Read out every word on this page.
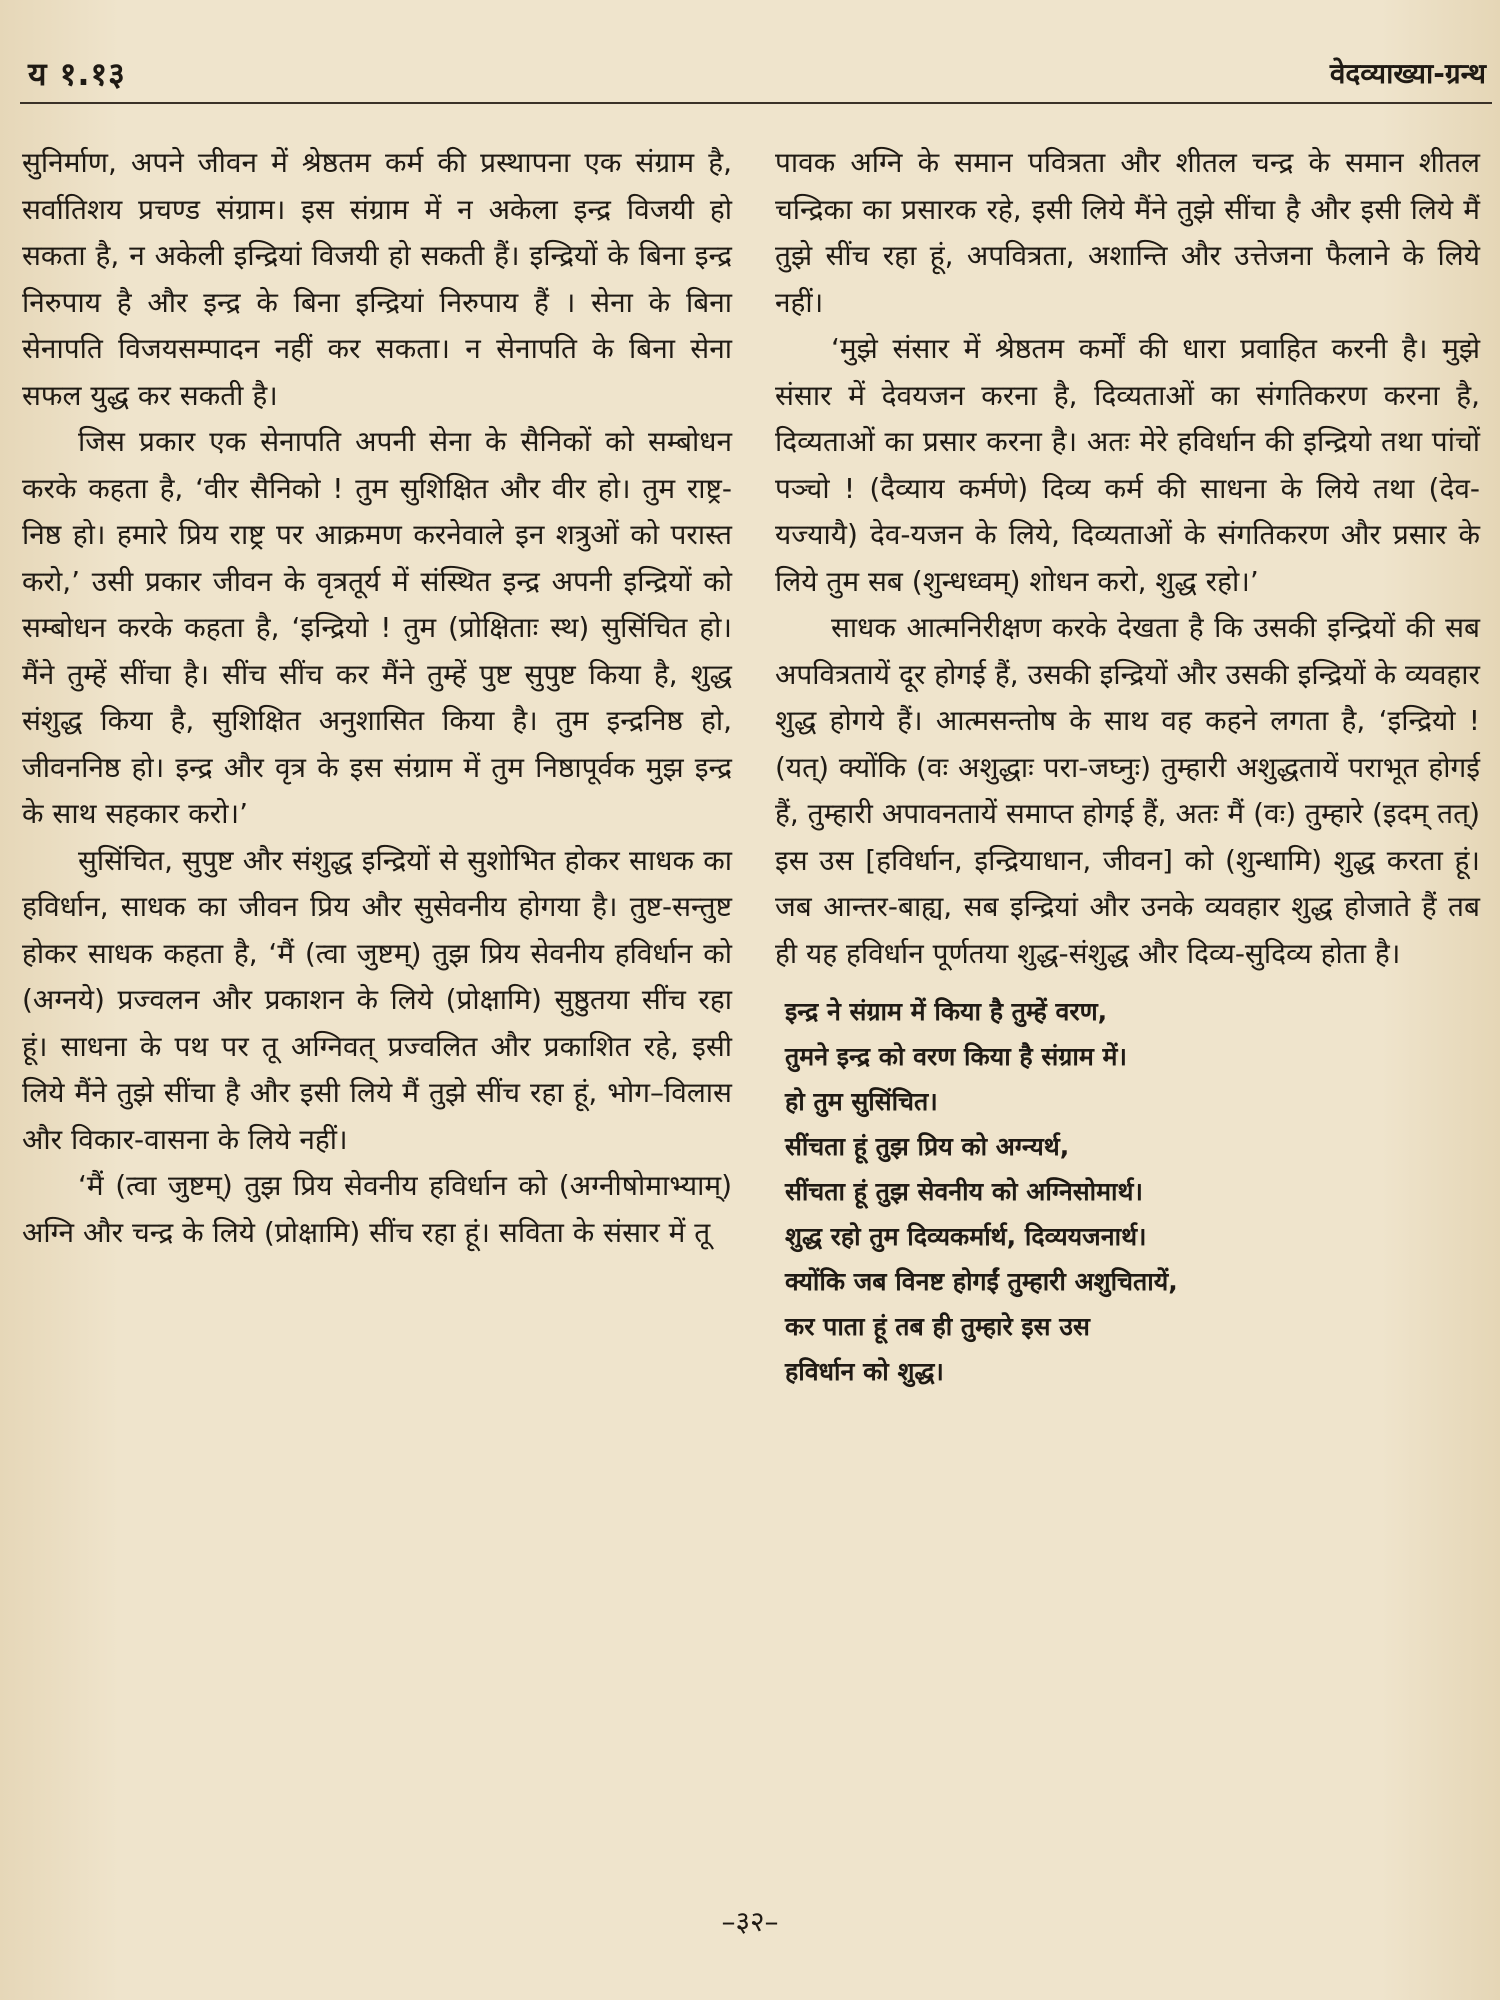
य १.१३	वेदव्याख्या-ग्रन्थ

सुनिर्माण, अपने जीवन में श्रेष्ठतम कर्म की प्रस्थापना एक संग्राम है, सर्वातिशय प्रचण्ड संग्राम। इस संग्राम में न अकेला इन्द्र विजयी हो सकता है, न अकेली इन्द्रियां विजयी हो सकती हैं। इन्द्रियों के बिना इन्द्र निरुपाय है और इन्द्र के बिना इन्द्रियां निरुपाय हैं । सेना के बिना सेनापति विजयसम्पादन नहीं कर सकता। न सेनापति के बिना सेना सफल युद्ध कर सकती है।

जिस प्रकार एक सेनापति अपनी सेना के सैनिकों को सम्बोधन करके कहता है, ‘वीर सैनिको ! तुम सुशिक्षित और वीर हो। तुम राष्ट्र-निष्ठ हो। हमारे प्रिय राष्ट्र पर आक्रमण करनेवाले इन शत्रुओं को परास्त करो,’ उसी प्रकार जीवन के वृत्रतूर्य में संस्थित इन्द्र अपनी इन्द्रियों को सम्बोधन करके कहता है, ‘इन्द्रियो ! तुम (प्रोक्षिताः स्थ) सुसिंचित हो। मैंने तुम्हें सींचा है। सींच सींच कर मैंने तुम्हें पुष्ट सुपुष्ट किया है, शुद्ध संशुद्ध किया है, सुशिक्षित अनुशासित किया है। तुम इन्द्रनिष्ठ हो, जीवननिष्ठ हो। इन्द्र और वृत्र के इस संग्राम में तुम निष्ठापूर्वक मुझ इन्द्र के साथ सहकार करो।’

सुसिंचित, सुपुष्ट और संशुद्ध इन्द्रियों से सुशोभित होकर साधक का हविर्धान, साधक का जीवन प्रिय और सुसेवनीय होगया है। तुष्ट-सन्तुष्ट होकर साधक कहता है, ‘मैं (त्वा जुष्टम्) तुझ प्रिय सेवनीय हविर्धान को (अग्नये) प्रज्वलन और प्रकाशन के लिये (प्रोक्षामि) सुष्ठुतया सींच रहा हूं। साधना के पथ पर तू अग्निवत् प्रज्वलित और प्रकाशित रहे, इसी लिये मैंने तुझे सींचा है और इसी लिये मैं तुझे सींच रहा हूं, भोग–विलास और विकार-वासना के लिये नहीं।

‘मैं (त्वा जुष्टम्) तुझ प्रिय सेवनीय हविर्धान को (अग्नीषोमाभ्याम्) अग्नि और चन्द्र के लिये (प्रोक्षामि) सींच रहा हूं। सविता के संसार में तू

पावक अग्नि के समान पवित्रता और शीतल चन्द्र के समान शीतल चन्द्रिका का प्रसारक रहे, इसी लिये मैंने तुझे सींचा है और इसी लिये मैं तुझे सींच रहा हूं, अपवित्रता, अशान्ति और उत्तेजना फैलाने के लिये नहीं।

‘मुझे संसार में श्रेष्ठतम कर्मों की धारा प्रवाहित करनी है। मुझे संसार में देवयजन करना है, दिव्यताओं का संगतिकरण करना है, दिव्यताओं का प्रसार करना है। अतः मेरे हविर्धान की इन्द्रियो तथा पांचों पञ्चो ! (दैव्याय कर्मणे) दिव्य कर्म की साधना के लिये तथा (देव-यज्यायै) देव-यजन के लिये, दिव्यताओं के संगतिकरण और प्रसार के लिये तुम सब (शुन्धध्वम्) शोधन करो, शुद्ध रहो।’

साधक आत्मनिरीक्षण करके देखता है कि उसकी इन्द्रियों की सब अपवित्रतायें दूर होगई हैं, उसकी इन्द्रियों और उसकी इन्द्रियों के व्यवहार शुद्ध होगये हैं। आत्मसन्तोष के साथ वह कहने लगता है, ‘इन्द्रियो ! (यत्) क्योंकि (वः अशुद्धाः परा-जघ्नुः) तुम्हारी अशुद्धतायें पराभूत होगई हैं, तुम्हारी अपावनतायें समाप्त होगई हैं, अतः मैं (वः) तुम्हारे (इदम् तत्) इस उस [हविर्धान, इन्द्रियाधान, जीवन] को (शुन्धामि) शुद्ध करता हूं। जब आन्तर-बाह्य, सब इन्द्रियां और उनके व्यवहार शुद्ध होजाते हैं तब ही यह हविर्धान पूर्णतया शुद्ध-संशुद्ध और दिव्य-सुदिव्य होता है।

इन्द्र ने संग्राम में किया है तुम्हें वरण,
तुमने इन्द्र को वरण किया है संग्राम में।
हो तुम सुसिंचित।
सींचता हूं तुझ प्रिय को अग्न्यर्थ,
सींचता हूं तुझ सेवनीय को अग्निसोमार्थ।
शुद्ध रहो तुम दिव्यकर्मार्थ, दिव्ययजनार्थ।
क्योंकि जब विनष्ट होगईं तुम्हारी अशुचितायें,
कर पाता हूं तब ही तुम्हारे इस उस
हविर्धान को शुद्ध।
–३२–
